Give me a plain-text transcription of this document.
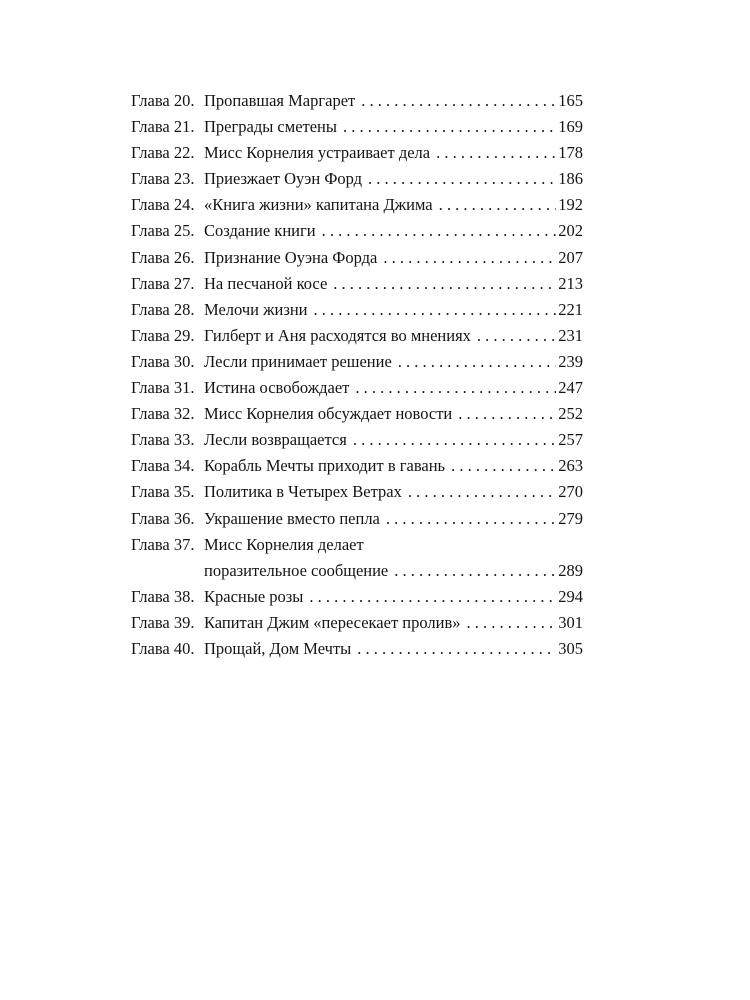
Глава 20. Пропавшая Маргарет . . .	165
Глава 21. Преграды сметены . . .	169
Глава 22. Мисс Корнелия устраивает дела . . .	178
Глава 23. Приезжает Оуэн Форд . . .	186
Глава 24. «Книга жизни» капитана Джима . . .	192
Глава 25. Создание книги . . .	202
Глава 26. Признание Оуэна Форда . . .	207
Глава 27. На песчаной косе . . .	213
Глава 28. Мелочи жизни . . .	221
Глава 29. Гилберт и Аня расходятся во мнениях . . .	231
Глава 30. Лесли принимает решение . . .	239
Глава 31. Истина освобождает . . .	247
Глава 32. Мисс Корнелия обсуждает новости . . .	252
Глава 33. Лесли возвращается . . .	257
Глава 34. Корабль Мечты приходит в гавань . . .	263
Глава 35. Политика в Четырех Ветрах . . .	270
Глава 36. Украшение вместо пепла . . .	279
Глава 37. Мисс Корнелия делает
поразительное сообщение . . .	289
Глава 38. Красные розы . . .	294
Глава 39. Капитан Джим «пересекает пролив» . . .	301
Глава 40. Прощай, Дом Мечты . . .	305
